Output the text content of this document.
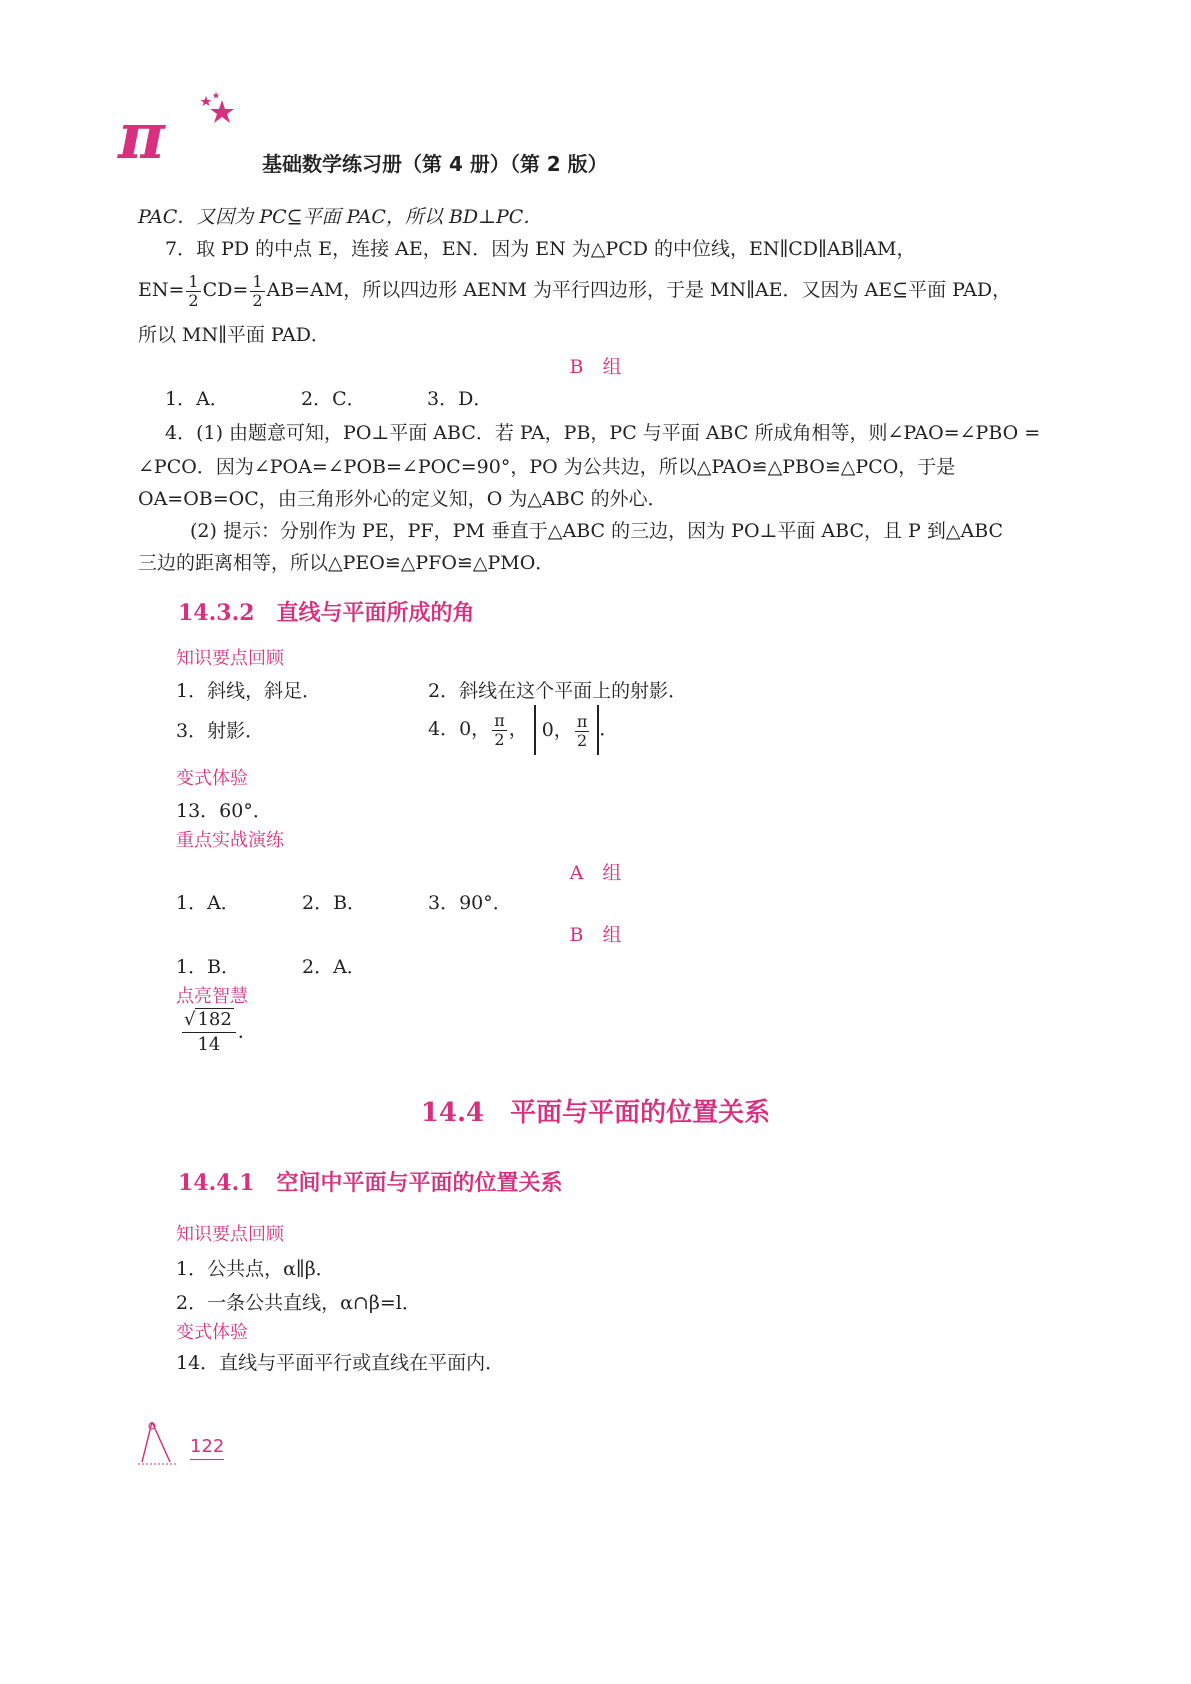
π	基础数学练习册（第 4 册）（第 2 版）
PAC．又因为 PC⊆平面 PAC，所以 BD⊥PC．
7．取 PD 的中点 E，连接 AE，EN．因为 EN 为△PCD 的中位线，EN∥CD∥AB∥AM，
$EN= \frac{1}{2} CD= \frac{1}{2} AB=AM$，所以四边形 AENM 为平行四边形，于是 MN∥AE．又因为 AE⊆平面 PAD，
所以 MN∥平面 PAD．
B　组
1．A．	2．C．	3．D．
4．(1) 由题意可知，PO⊥平面 ABC．若 PA，PB，PC 与平面 ABC 所成角相等，则∠PAO=∠PBO =
∠PCO．因为∠POA=∠POB=∠POC=90°，PO 为公共边，所以△PAO≌△PBO≌△PCO，于是
OA=OB=OC，由三角形外心的定义知，O 为△ABC 的外心．
(2) 提示：分别作为 PE，PF，PM 垂直于△ABC 的三边，因为 PO⊥平面 ABC，且 P 到△ABC
三边的距离相等，所以△PEO≌△PFO≌△PMO．
14.3.2　直线与平面所成的角
知识要点回顾
1．斜线，斜足．	2．斜线在这个平面上的射影．
3．射影．	4．0， $\frac{\pi}{2}$ ， 0， $\frac{\pi}{2}$ ．
变式体验
13．60°．
重点实战演练
A　组
1．A．	2．B．	3．90°．
B　组
1．B．	2．A．
点亮智慧
$\frac{√ 182}{14}$ ．
14.4　平面与平面的位置关系
14.4.1　空间中平面与平面的位置关系
知识要点回顾
1．公共点，α∥β．
2．一条公共直线，α∩β=l．
变式体验
14．直线与平面平行或直线在平面内．
122
